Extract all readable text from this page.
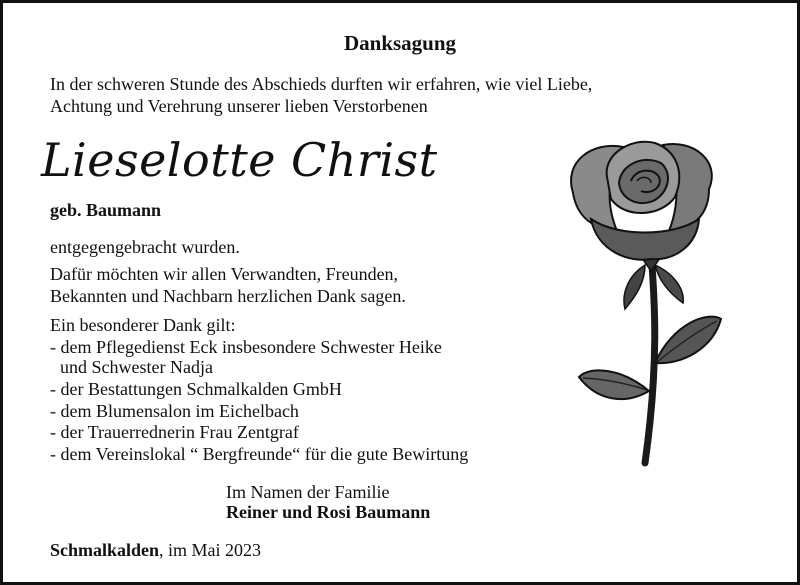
Danksagung
In der schweren Stunde des Abschieds durften wir erfahren, wie viel Liebe,
Achtung und Verehrung unserer lieben Verstorbenen
Lieselotte Christ
geb. Baumann
entgegengebracht wurden.
Dafür möchten wir allen Verwandten, Freunden,
Bekannten und Nachbarn herzlichen Dank sagen.
Ein besonderer Dank gilt:
- dem Pflegedienst Eck insbesondere Schwester Heike
und Schwester Nadja
- der Bestattungen Schmalkalden GmbH
- dem Blumensalon im Eichelbach
- der Trauerrednerin Frau Zentgraf
- dem Vereinslokal “ Bergfreunde“ für die gute Bewirtung
Im Namen der Familie
Reiner und Rosi Baumann
Schmalkalden, im Mai 2023
